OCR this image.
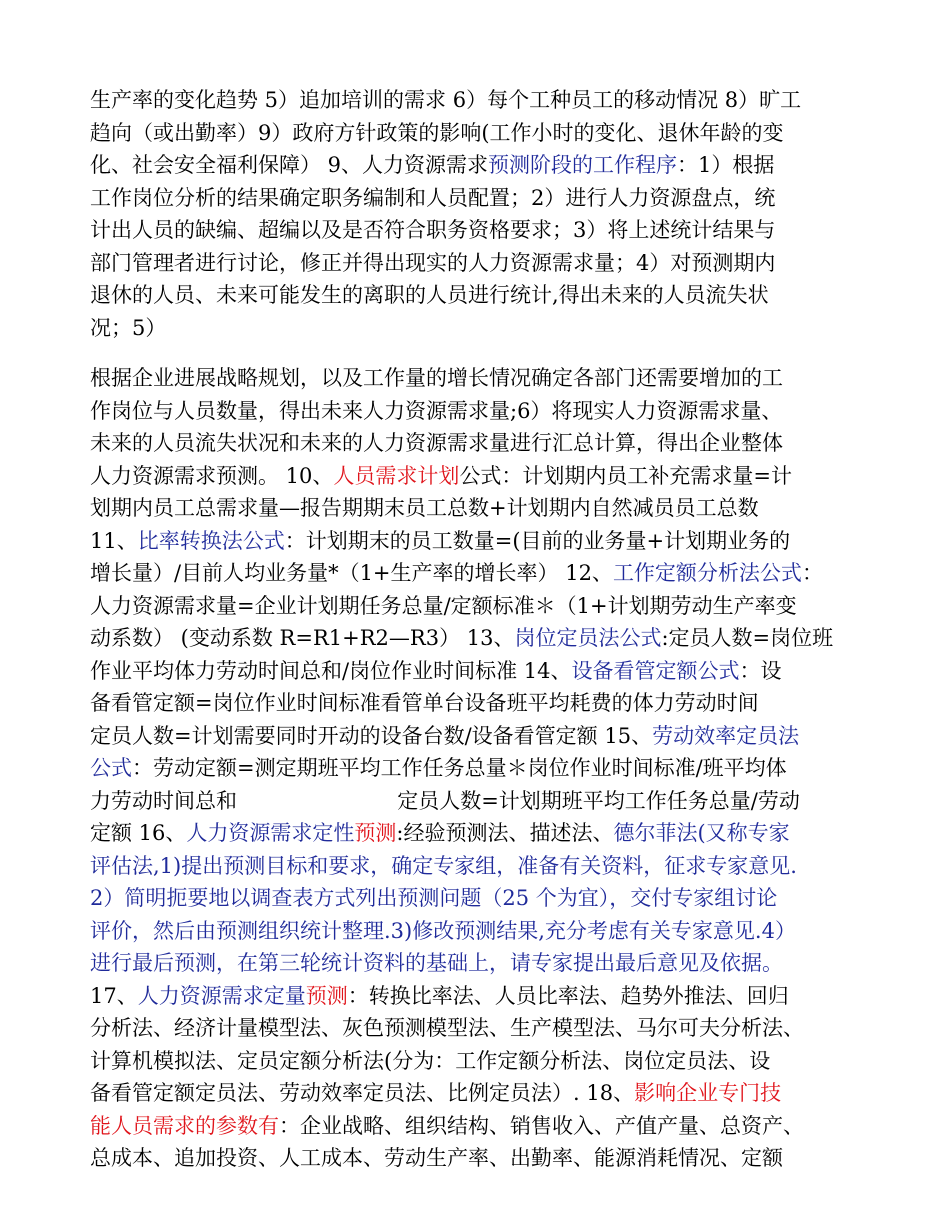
生产率的变化趋势 5）追加培训的需求 6）每个工种员工的移动情况 8）旷工
趋向（或出勤率）9）政府方针政策的影响(工作小时的变化、退休年龄的变
化、社会安全福利保障） 9、人力资源需求预测阶段的工作程序：1）根据
工作岗位分析的结果确定职务编制和人员配置；2）进行人力资源盘点，统
计出人员的缺编、超编以及是否符合职务资格要求；3）将上述统计结果与
部门管理者进行讨论，修正并得出现实的人力资源需求量；4）对预测期内
退休的人员、未来可能发生的离职的人员进行统计,得出未来的人员流失状
况；5）
根据企业进展战略规划，以及工作量的增长情况确定各部门还需要增加的工
作岗位与人员数量，得出未来人力资源需求量;6）将现实人力资源需求量、
未来的人员流失状况和未来的人力资源需求量进行汇总计算，得出企业整体
人力资源需求预测。 10、人员需求计划公式：计划期内员工补充需求量=计
划期内员工总需求量—报告期期末员工总数+计划期内自然减员员工总数
11、比率转换法公式：计划期末的员工数量=(目前的业务量+计划期业务的
增长量）/目前人均业务量*（1+生产率的增长率） 12、工作定额分析法公式：
人力资源需求量=企业计划期任务总量/定额标准＊（1+计划期劳动生产率变
动系数） (变动系数 R=R1+R2—R3） 13、岗位定员法公式:定员人数=岗位班
作业平均体力劳动时间总和/岗位作业时间标准 14、设备看管定额公式：设
备看管定额=岗位作业时间标准看管单台设备班平均耗费的体力劳动时间
定员人数=计划需要同时开动的设备台数/设备看管定额 15、劳动效率定员法
公式：劳动定额=测定期班平均工作任务总量＊岗位作业时间标准/班平均体
力劳动时间总和                        定员人数=计划期班平均工作任务总量/劳动
定额 16、人力资源需求定性预测:经验预测法、描述法、德尔菲法(又称专家
评估法,1)提出预测目标和要求，确定专家组，准备有关资料，征求专家意见.
2）简明扼要地以调查表方式列出预测问题（25 个为宜），交付专家组讨论
评价，然后由预测组织统计整理.3)修改预测结果,充分考虑有关专家意见.4）
进行最后预测，在第三轮统计资料的基础上，请专家提出最后意见及依据。
17、人力资源需求定量预测：转换比率法、人员比率法、趋势外推法、回归
分析法、经济计量模型法、灰色预测模型法、生产模型法、马尔可夫分析法、
计算机模拟法、定员定额分析法(分为：工作定额分析法、岗位定员法、设
备看管定额定员法、劳动效率定员法、比例定员法）. 18、影响企业专门技
能人员需求的参数有：企业战略、组织结构、销售收入、产值产量、总资产、
总成本、追加投资、人工成本、劳动生产率、出勤率、能源消耗情况、定额
